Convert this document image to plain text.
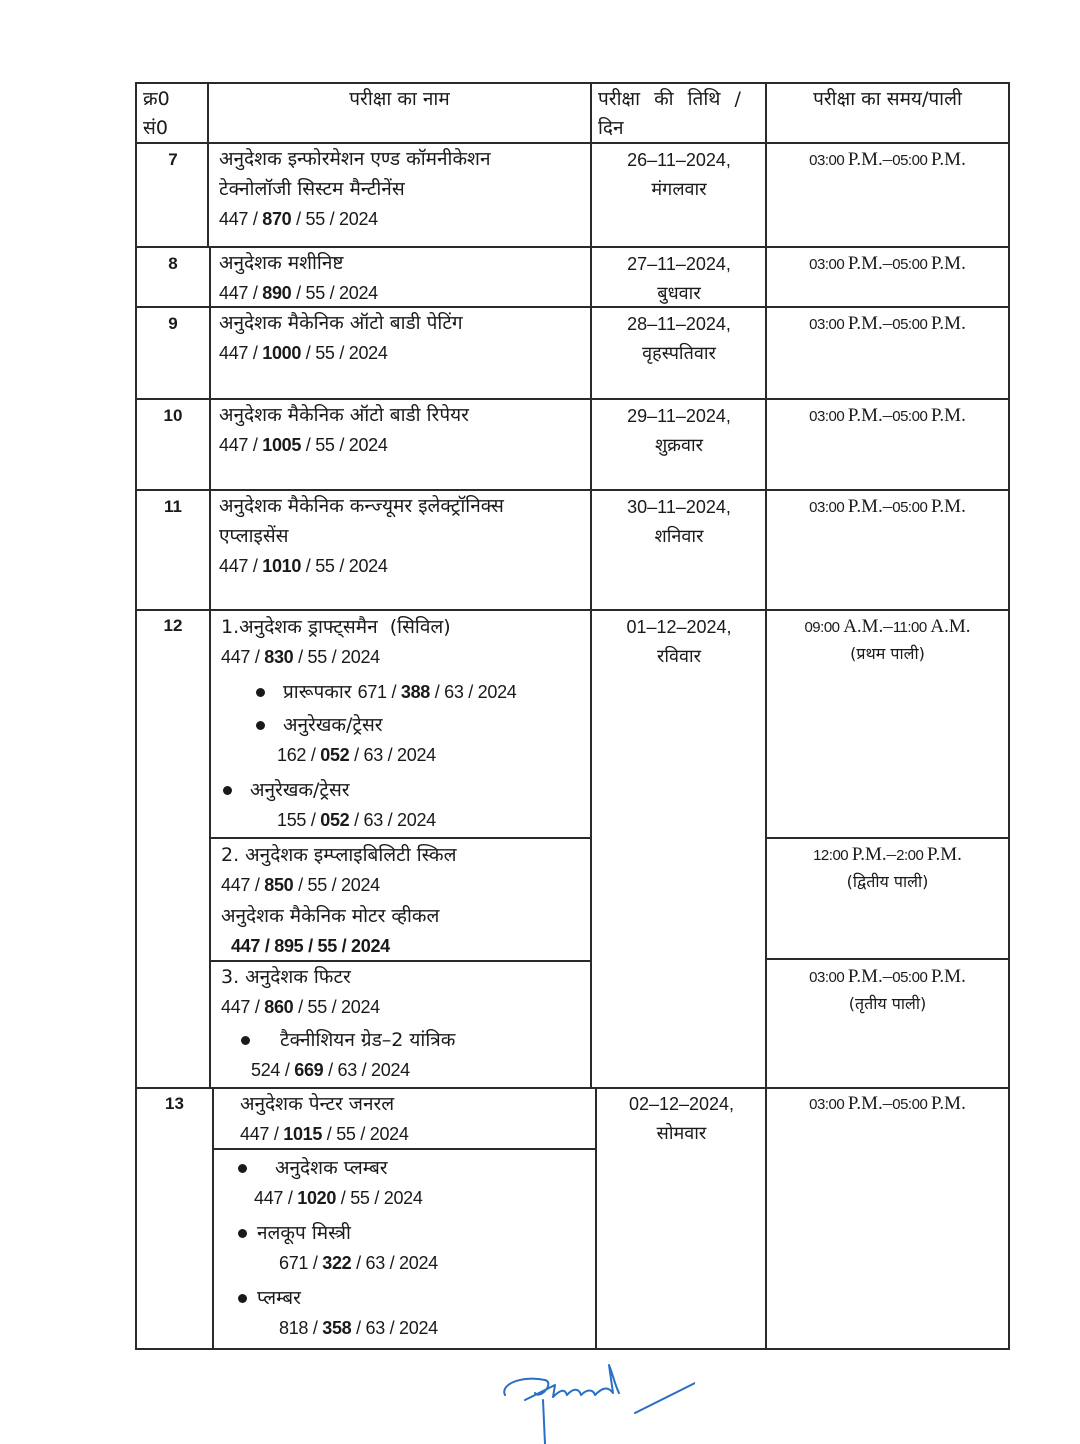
क्र0
सं0
परीक्षा का नाम	परीक्षा की तिथि /
दिन
परीक्षा का समय/पाली
7	अनुदेशक इन्फोरमेशन एण्ड कॉमनीकेशन
टेक्नोलॉजी सिस्टम मैन्टीनेंस
447 / 870 / 55 / 2024
26–11–2024,
मंगलवार
03:00 P.M.–05:00 P.M.
8	अनुदेशक मशीनिष्ट
447 / 890 / 55 / 2024
27–11–2024,
बुधवार
03:00 P.M.–05:00 P.M.
9	अनुदेशक मैकेनिक ऑटो बाडी पेटिंग
447 / 1000 / 55 / 2024
28–11–2024,
वृहस्पतिवार
03:00 P.M.–05:00 P.M.
10	अनुदेशक मैकेनिक ऑटो बाडी रिपेयर
447 / 1005 / 55 / 2024
29–11–2024,
शुक्रवार
03:00 P.M.–05:00 P.M.
11	अनुदेशक मैकेनिक कन्ज्यूमर इलेक्ट्रॉनिक्स
एप्लाइसेंस
447 / 1010 / 55 / 2024
30–11–2024,
शनिवार
03:00 P.M.–05:00 P.M.
12	1.अनुदेशक ड्राफ्ट्समैन  (सिविल)
447 / 830 / 55 / 2024
प्रारूपकार 671 / 388 / 63 / 2024
अनुरेखक/ट्रेसर
162 / 052 / 63 / 2024
अनुरेखक/ट्रेसर
155 / 052 / 63 / 2024
2. अनुदेशक इम्प्लाइबिलिटी स्किल
447 / 850 / 55 / 2024
अनुदेशक मैकेनिक मोटर व्हीकल
447 / 895 / 55 / 2024
3. अनुदेशक फिटर
447 / 860 / 55 / 2024
टैक्नीशियन ग्रेड–2 यांत्रिक
524 / 669 / 63 / 2024
01–12–2024,
रविवार
09:00 A.M.–11:00 A.M.
(प्रथम पाली)
12:00 P.M.–2:00 P.M.
(द्वितीय पाली)
03:00 P.M.–05:00 P.M.
(तृतीय पाली)
13	अनुदेशक पेन्टर जनरल
447 / 1015 / 55 / 2024
अनुदेशक प्लम्बर
447 / 1020 / 55 / 2024
नलकूप मिस्त्री
671 / 322 / 63 / 2024
प्लम्बर
818 / 358 / 63 / 2024
02–12–2024,
सोमवार
03:00 P.M.–05:00 P.M.
